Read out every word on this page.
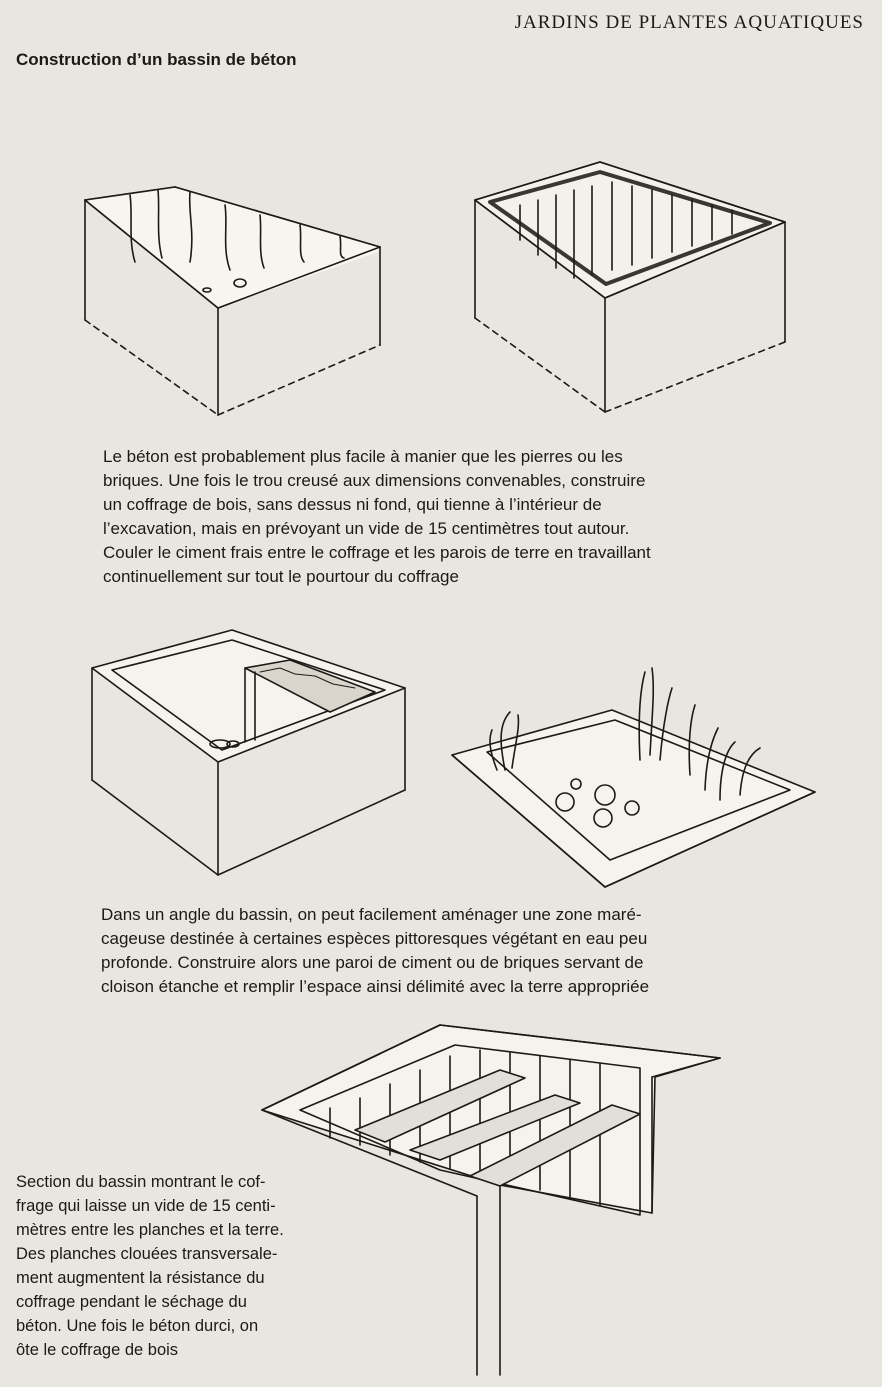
JARDINS DE PLANTES AQUATIQUES
Construction d’un bassin de béton
Le béton est probablement plus facile à manier que les pierres ou les
briques. Une fois le trou creusé aux dimensions convenables, construire
un coffrage de bois, sans dessus ni fond, qui tienne à l’intérieur de
l’excavation, mais en prévoyant un vide de 15 centimètres tout autour.
Couler le ciment frais entre le coffrage et les parois de terre en travaillant
continuellement sur tout le pourtour du coffrage
Dans un angle du bassin, on peut facilement aménager une zone maré-
cageuse destinée à certaines espèces pittoresques végétant en eau peu
profonde. Construire alors une paroi de ciment ou de briques servant de
cloison étanche et remplir l’espace ainsi délimité avec la terre appropriée
Section du bassin montrant le cof-
frage qui laisse un vide de 15 centi-
mètres entre les planches et la terre.
Des planches clouées transversale-
ment augmentent la résistance du
coffrage pendant le séchage du
béton. Une fois le béton durci, on
ôte le coffrage de bois
